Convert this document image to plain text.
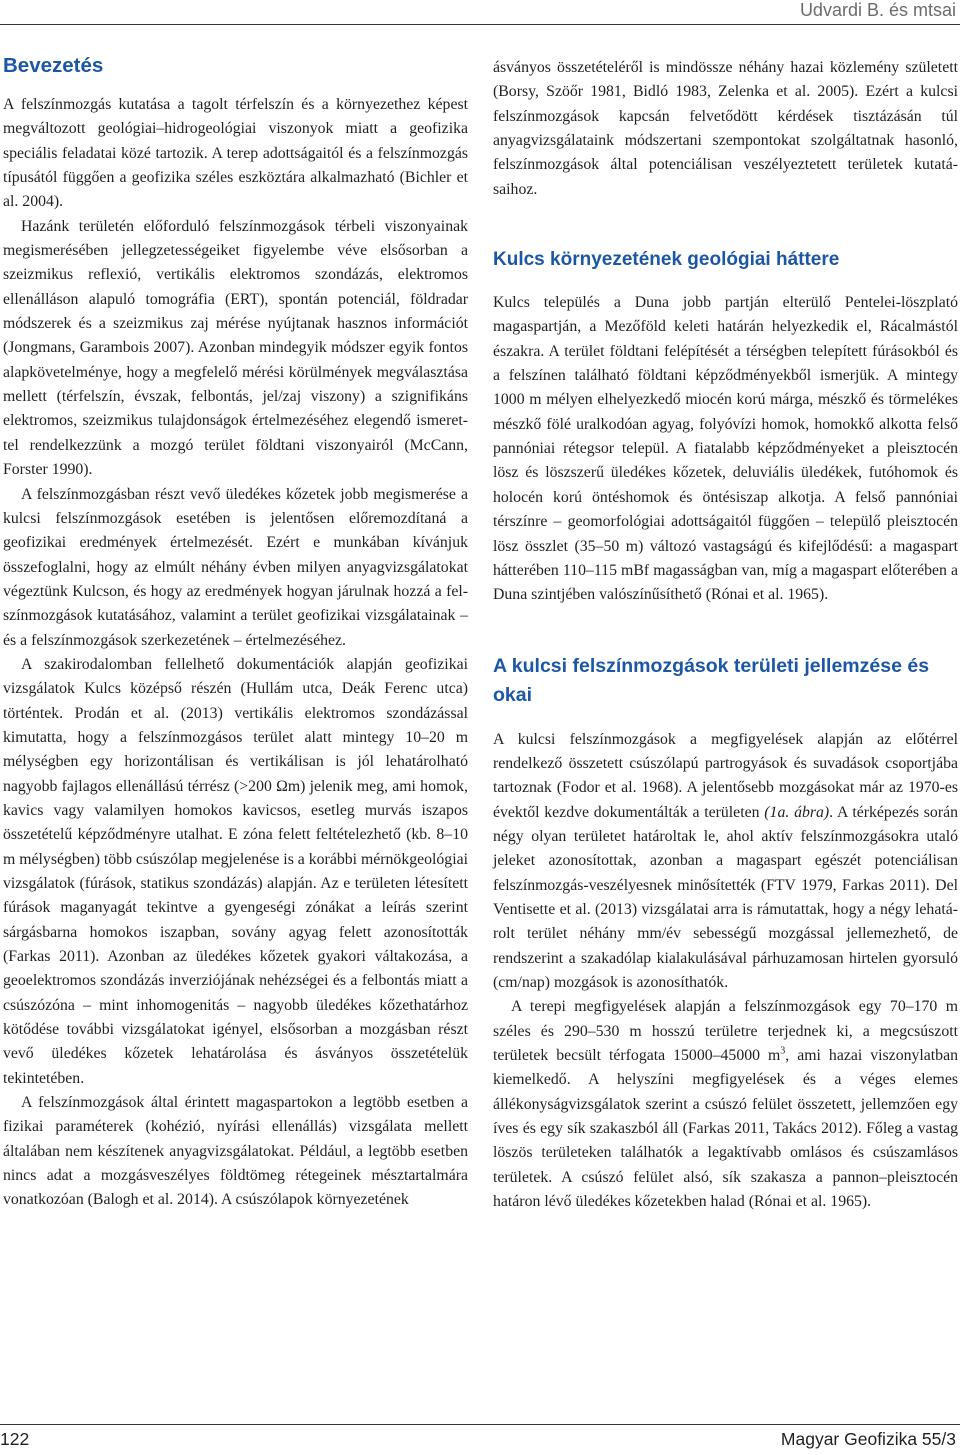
Udvardi B. és mtsai
Bevezetés

A felszínmozgás kutatása a tagolt térfelszín és a környezethez képest megváltozott geológiai–hidrogeológiai viszonyok miatt a geofizika speciális feladatai közé tartozik. A terep adottságaitól és a felszínmozgás típusától függően a geofizika széles eszköztára alkalmazható (Bichler et al. 2004).

Hazánk területén előforduló felszínmozgások térbeli viszonyainak megismerésében jellegzetességeiket figyelembe véve elsősorban a szeizmikus reflexió, vertikális elektromos szondázás, elektromos ellenálláson alapuló tomográfia (ERT), spontán potenciál, földradar módszerek és a szeizmikus zaj mérése nyújtanak hasznos információt (Jongmans, Garambois 2007). Azonban mindegyik módszer egyik fontos alapkövetelménye, hogy a megfelelő mérési körülmények megválasztása mellett (térfelszín, évszak, felbontás, jel/zaj viszony) a szignifikáns elektromos, szeizmikus tulajdonságok értelmezéséhez elegendő ismerettel rendelkezzünk a mozgó terület földtani viszonyairól (McCann, Forster 1990).

A felszínmozgásban részt vevő üledékes kőzetek jobb megismerése a kulcsi felszínmozgások esetében is jelentősen előremozdítaná a geofizikai eredmények értelmezését. Ezért e munkában kívánjuk összefoglalni, hogy az elmúlt néhány évben milyen anyagvizsgálatokat végeztünk Kulcson, és hogy az eredmények hogyan járulnak hozzá a felszínmozgások kutatásához, valamint a terület geofizikai vizsgálatainak – és a felszínmozgások szerkezetének – értelmezéséhez.

A szakirodalomban fellelhető dokumentációk alapján geofizikai vizsgálatok Kulcs középső részén (Hullám utca, Deák Ferenc utca) történtek. Prodán et al. (2013) vertikális elektromos szondázással kimutatta, hogy a felszínmozgásos terület alatt mintegy 10–20 m mélységben egy horizontálisan és vertikálisan is jól lehatárolható nagyobb fajlagos ellenállású térrész (>200 Ωm) jelenik meg, ami homok, kavics vagy valamilyen homokos kavicsos, esetleg murvás iszapos összetételű képződményre utalhat. E zóna felett feltételezhető (kb. 8–10 m mélységben) több csúszólap megjelenése is a korábbi mérnökgeológiai vizsgálatok (fúrások, statikus szondázás) alapján. Az e területen létesített fúrások maganyagát tekintve a gyengeségi zónákat a leírás szerint sárgásbarna homokos iszapban, sovány agyag felett azonosították (Farkas 2011). Azonban az üledékes kőzetek gyakori váltakozása, a geoelektromos szondázás inverziójának nehézségei és a felbontás miatt a csúszózóna – mint inhomogenitás – nagyobb üledékes kőzethatárhoz kötődése további vizsgálatokat igényel, elsősorban a mozgásban részt vevő üledékes kőzetek lehatárolása és ásványos összetételük tekintetében.

A felszínmozgások által érintett magaspartokon a legtöbb esetben a fizikai paraméterek (kohézió, nyírási ellenállás) vizsgálata mellett általában nem készítenek anyagvizsgálatokat. Például, a legtöbb esetben nincs adat a mozgásveszélyes földtömeg rétegeinek mésztartalmára vonatkozóan (Balogh et al. 2014). A csúszólapok környezetének

ásványos összetételéről is mindössze néhány hazai közlemény született (Borsy, Szöőr 1981, Bidló 1983, Zelenka et al. 2005). Ezért a kulcsi felszínmozgások kapcsán felvetődött kérdések tisztázásán túl anyagvizsgálataink módszertani szempontokat szolgáltatnak hasonló, felszínmozgások által potenciálisan veszélyeztetett területek kutatásaihoz.

Kulcs környezetének geológiai háttere

Kulcs település a Duna jobb partján elterülő Pentelei-löszplató magaspartján, a Mezőföld keleti határán helyezkedik el, Rácalmástól északra. A terület földtani felépítését a térségben telepített fúrásokból és a felszínen található földtani képződményekből ismerjük. A mintegy 1000 m mélyen elhelyezkedő miocén korú márga, mészkő és törmelékes mészkő fölé uralkodóan agyag, folyóvízi homok, homokkő alkotta felső pannóniai rétegsor települ. A fiatalabb képződményeket a pleisztocén lösz és löszszerű üledékes kőzetek, deluviális üledékek, futóhomok és holocén korú öntéshomok és öntésiszap alkotja. A felső pannóniai térszínre – geomorfológiai adottságaitól függően – települő pleisztocén lösz összlet (35–50 m) változó vastagságú és kifejlődésű: a magaspart hátterében 110–115 mBf magasságban van, míg a magaspart előterében a Duna szintjében valószínűsíthető (Rónai et al. 1965).

A kulcsi felszínmozgások területi jellemzése és okai

A kulcsi felszínmozgások a megfigyelések alapján az előtérrel rendelkező összetett csúszólapú partrogyások és suvadások csoportjába tartoznak (Fodor et al. 1968). A jelentősebb mozgásokat már az 1970-es évektől kezdve dokumentálták a területen (1a. ábra). A térképezés során négy olyan területet határoltak le, ahol aktív felszínmozgásokra utaló jeleket azonosítottak, azonban a magaspart egészét potenciálisan felszínmozgás-veszélyesnek minősítették (FTV 1979, Farkas 2011). Del Ventisette et al. (2013) vizsgálatai arra is rámutattak, hogy a négy lehatárolt terület néhány mm/év sebességű mozgással jellemezhető, de rendszerint a szakadólap kialakulásával párhuzamosan hirtelen gyorsuló (cm/nap) mozgások is azonosíthatók.

A terepi megfigyelések alapján a felszínmozgások egy 70–170 m széles és 290–530 m hosszú területre terjednek ki, a megcsúszott területek becsült térfogata 15000–45000 $m^3$, ami hazai viszonylatban kiemelkedő. A helyszíni megfigyelések és a véges elemes állékonyságvizsgálatok szerint a csúszó felület összetett, jellemzően egy íves és egy sík szakaszból áll (Farkas 2011, Takács 2012). Főleg a vastag löszös területeken találhatók a legaktívabb omlásos és csúszamlásos területek. A csúszó felület alsó, sík szakasza a pannon–pleisztocén határon lévő üledékes kőzetekben halad (Rónai et al. 1965).

122	Magyar Geofizika 55/3
